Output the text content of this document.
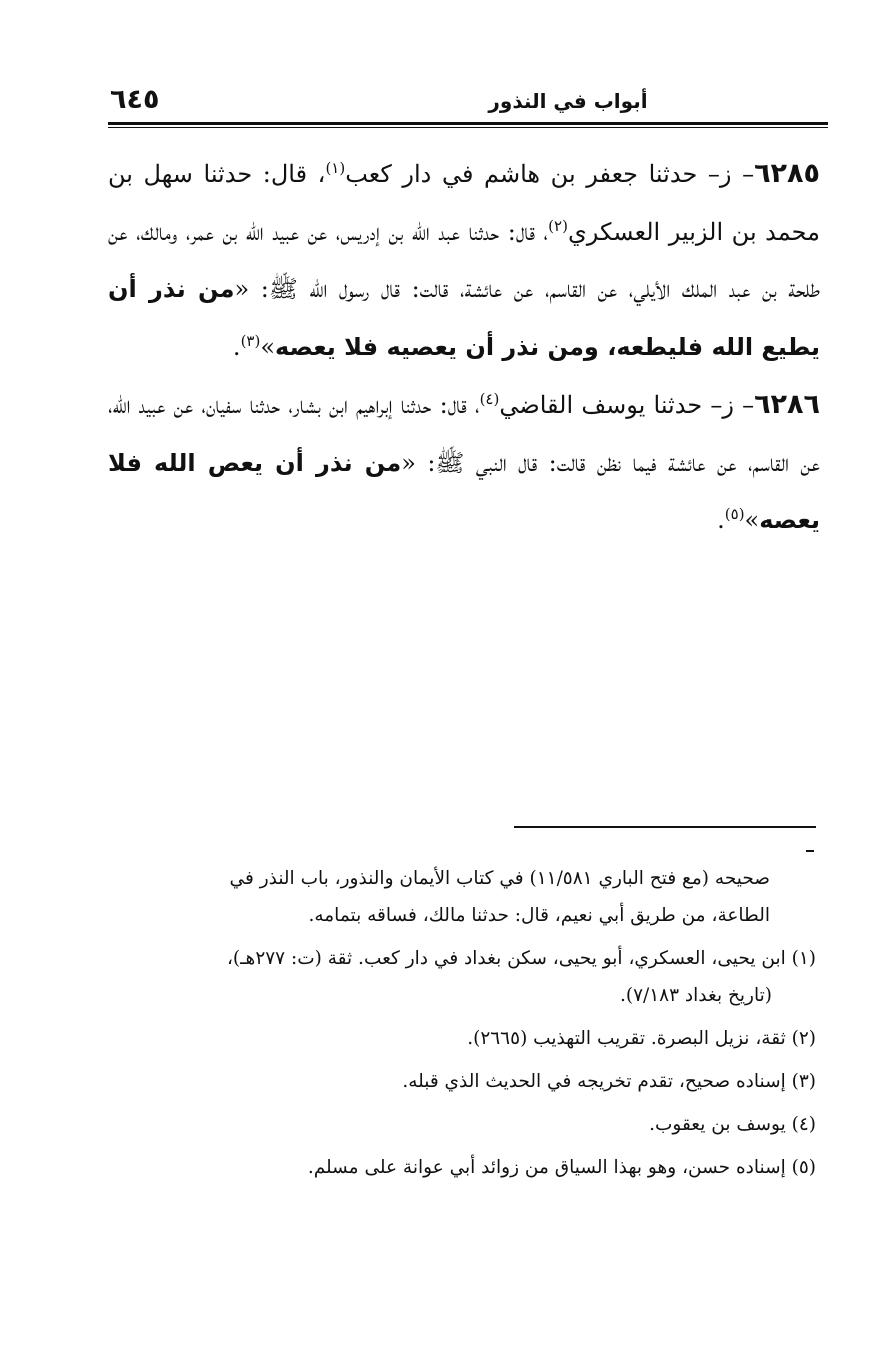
٦٤٥	أبواب في النذور

٦٢٨٥– ز– حدثنا جعفر بن هاشم في دار كعب$^{(١)}$، قال: حدثنا سهل بن محمد بن الزبير العسكري$^{(٢)}$، قال: حدثنا عبد الله بن إدريس، عن عبيد الله بن عمر، ومالك، عن طلحة بن عبد الملك الأيلي، عن القاسم، عن عائشة، قالت: قال رسول الله ﷺ: «من نذر أن يطيع الله فليطعه، ومن نذر أن يعصيه فلا يعصه»$^{(٣)}$.

٦٢٨٦– ز– حدثنا يوسف القاضي$^{(٤)}$، قال: حدثنا إبراهيم ابن بشار، حدثنا سفيان، عن عبيد الله، عن القاسم، عن عائشة فيما نظن قالت: قال النبي ﷺ: «من نذر أن يعص الله فلا يعصه»$^{(٥)}$.

صحيحه (مع فتح الباري ١١/٥٨١) في كتاب الأيمان والنذور، باب النذر في
الطاعة، من طريق أبي نعيم، قال: حدثنا مالك، فساقه بتمامه.
(١) ابن يحيى، العسكري، أبو يحيى، سكن بغداد في دار كعب. ثقة (ت: ٢٧٧هـ)،
(تاريخ بغداد ٧/١٨٣).
(٢) ثقة، نزيل البصرة. تقريب التهذيب (٢٦٦٥).
(٣) إسناده صحيح، تقدم تخريجه في الحديث الذي قبله.
(٤) يوسف بن يعقوب.
(٥) إسناده حسن، وهو بهذا السياق من زوائد أبي عوانة على مسلم.
